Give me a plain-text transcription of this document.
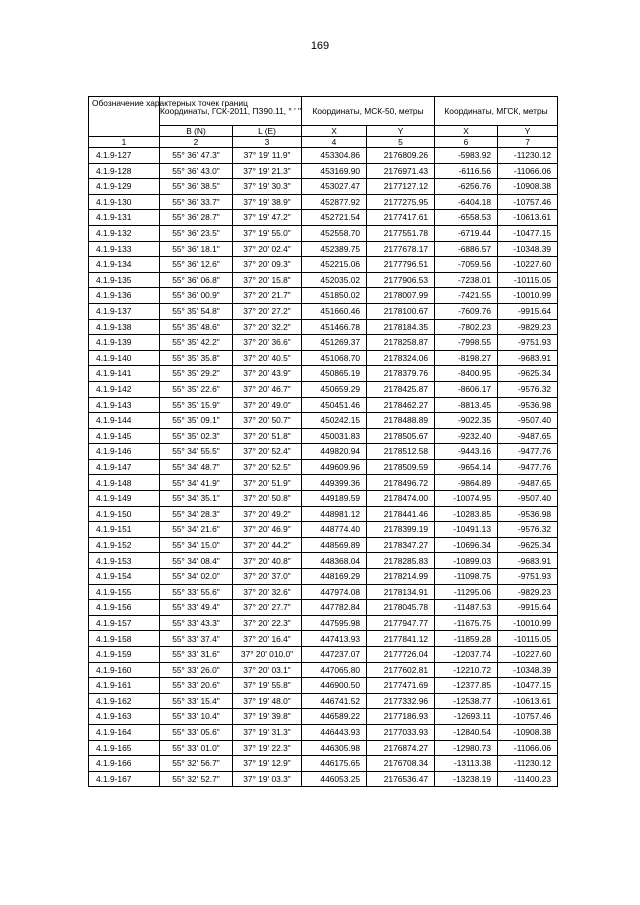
169
Обозначение характерных точек границ	Координаты, ГСК-2011, ПЗ90.11, ° ' "		Координаты, МСК-50, метры		Координаты, МГСК, метры	
	B (N)	L (E)	X	Y	X	Y
1	2	3	4	5	6	7
4.1.9-127	55° 36' 47.3"	37° 19' 11.9"	453304.86	2176809.26	-5983.92	-11230.12
4.1.9-128	55° 36' 43.0"	37° 19' 21.3"	453169.90	2176971.43	-6116.56	-11066.06
4.1.9-129	55° 36' 38.5"	37° 19' 30.3"	453027.47	2177127.12	-6256.76	-10908.38
4.1.9-130	55° 36' 33.7"	37° 19' 38.9"	452877.92	2177275.95	-6404.18	-10757.46
4.1.9-131	55° 36' 28.7"	37° 19' 47.2"	452721.54	2177417.61	-6558.53	-10613.61
4.1.9-132	55° 36' 23.5"	37° 19' 55.0"	452558.70	2177551.78	-6719.44	-10477.15
4.1.9-133	55° 36' 18.1"	37° 20' 02.4"	452389.75	2177678.17	-6886.57	-10348.39
4.1.9-134	55° 36' 12.6"	37° 20' 09.3"	452215.06	2177796.51	-7059.56	-10227.60
4.1.9-135	55° 36' 06.8"	37° 20' 15.8"	452035.02	2177906.53	-7238.01	-10115.05
4.1.9-136	55° 36' 00.9"	37° 20' 21.7"	451850.02	2178007.99	-7421.55	-10010.99
4.1.9-137	55° 35' 54.8"	37° 20' 27.2"	451660.46	2178100.67	-7609.76	-9915.64
4.1.9-138	55° 35' 48.6"	37° 20' 32.2"	451466.78	2178184.35	-7802.23	-9829.23
4.1.9-139	55° 35' 42.2"	37° 20' 36.6"	451269.37	2178258.87	-7998.55	-9751.93
4.1.9-140	55° 35' 35.8"	37° 20' 40.5"	451068.70	2178324.06	-8198.27	-9683.91
4.1.9-141	55° 35' 29.2"	37° 20' 43.9"	450865.19	2178379.76	-8400.95	-9625.34
4.1.9-142	55° 35' 22.6"	37° 20' 46.7"	450659.29	2178425.87	-8606.17	-9576.32
4.1.9-143	55° 35' 15.9"	37° 20' 49.0"	450451.46	2178462.27	-8813.45	-9536.98
4.1.9-144	55° 35' 09.1"	37° 20' 50.7"	450242.15	2178488.89	-9022.35	-9507.40
4.1.9-145	55° 35' 02.3"	37° 20' 51.8"	450031.83	2178505.67	-9232.40	-9487.65
4.1.9-146	55° 34' 55.5"	37° 20' 52.4"	449820.94	2178512.58	-9443.16	-9477.76
4.1.9-147	55° 34' 48.7"	37° 20' 52.5"	449609.96	2178509.59	-9654.14	-9477.76
4.1.9-148	55° 34' 41.9"	37° 20' 51.9"	449399.36	2178496.72	-9864.89	-9487.65
4.1.9-149	55° 34' 35.1"	37° 20' 50.8"	449189.59	2178474.00	-10074.95	-9507.40
4.1.9-150	55° 34' 28.3"	37° 20' 49.2"	448981.12	2178441.46	-10283.85	-9536.98
4.1.9-151	55° 34' 21.6"	37° 20' 46.9"	448774.40	2178399.19	-10491.13	-9576.32
4.1.9-152	55° 34' 15.0"	37° 20' 44.2"	448569.89	2178347.27	-10696.34	-9625.34
4.1.9-153	55° 34' 08.4"	37° 20' 40.8"	448368.04	2178285.83	-10899.03	-9683.91
4.1.9-154	55° 34' 02.0"	37° 20' 37.0"	448169.29	2178214.99	-11098.75	-9751.93
4.1.9-155	55° 33' 55.6"	37° 20' 32.6"	447974.08	2178134.91	-11295.06	-9829.23
4.1.9-156	55° 33' 49.4"	37° 20' 27.7"	447782.84	2178045.78	-11487.53	-9915.64
4.1.9-157	55° 33' 43.3"	37° 20' 22.3"	447595.98	2177947.77	-11675.75	-10010.99
4.1.9-158	55° 33' 37.4"	37° 20' 16.4"	447413.93	2177841.12	-11859.28	-10115.05
4.1.9-159	55° 33' 31.6"	37° 20' 010.0"	447237.07	2177726.04	-12037.74	-10227.60
4.1.9-160	55° 33' 26.0"	37° 20' 03.1"	447065.80	2177602.81	-12210.72	-10348.39
4.1.9-161	55° 33' 20.6"	37° 19' 55.8"	446900.50	2177471.69	-12377.85	-10477.15
4.1.9-162	55° 33' 15.4"	37° 19' 48.0"	446741.52	2177332.96	-12538.77	-10613.61
4.1.9-163	55° 33' 10.4"	37° 19' 39.8"	446589.22	2177186.93	-12693.11	-10757.46
4.1.9-164	55° 33' 05.6"	37° 19' 31.3"	446443.93	2177033.93	-12840.54	-10908.38
4.1.9-165	55° 33' 01.0"	37° 19' 22.3"	446305.98	2176874.27	-12980.73	-11066.06
4.1.9-166	55° 32' 56.7"	37° 19' 12.9"	446175.65	2176708.34	-13113.38	-11230.12
4.1.9-167	55° 32' 52.7"	37° 19' 03.3"	446053.25	2176536.47	-13238.19	-11400.23
